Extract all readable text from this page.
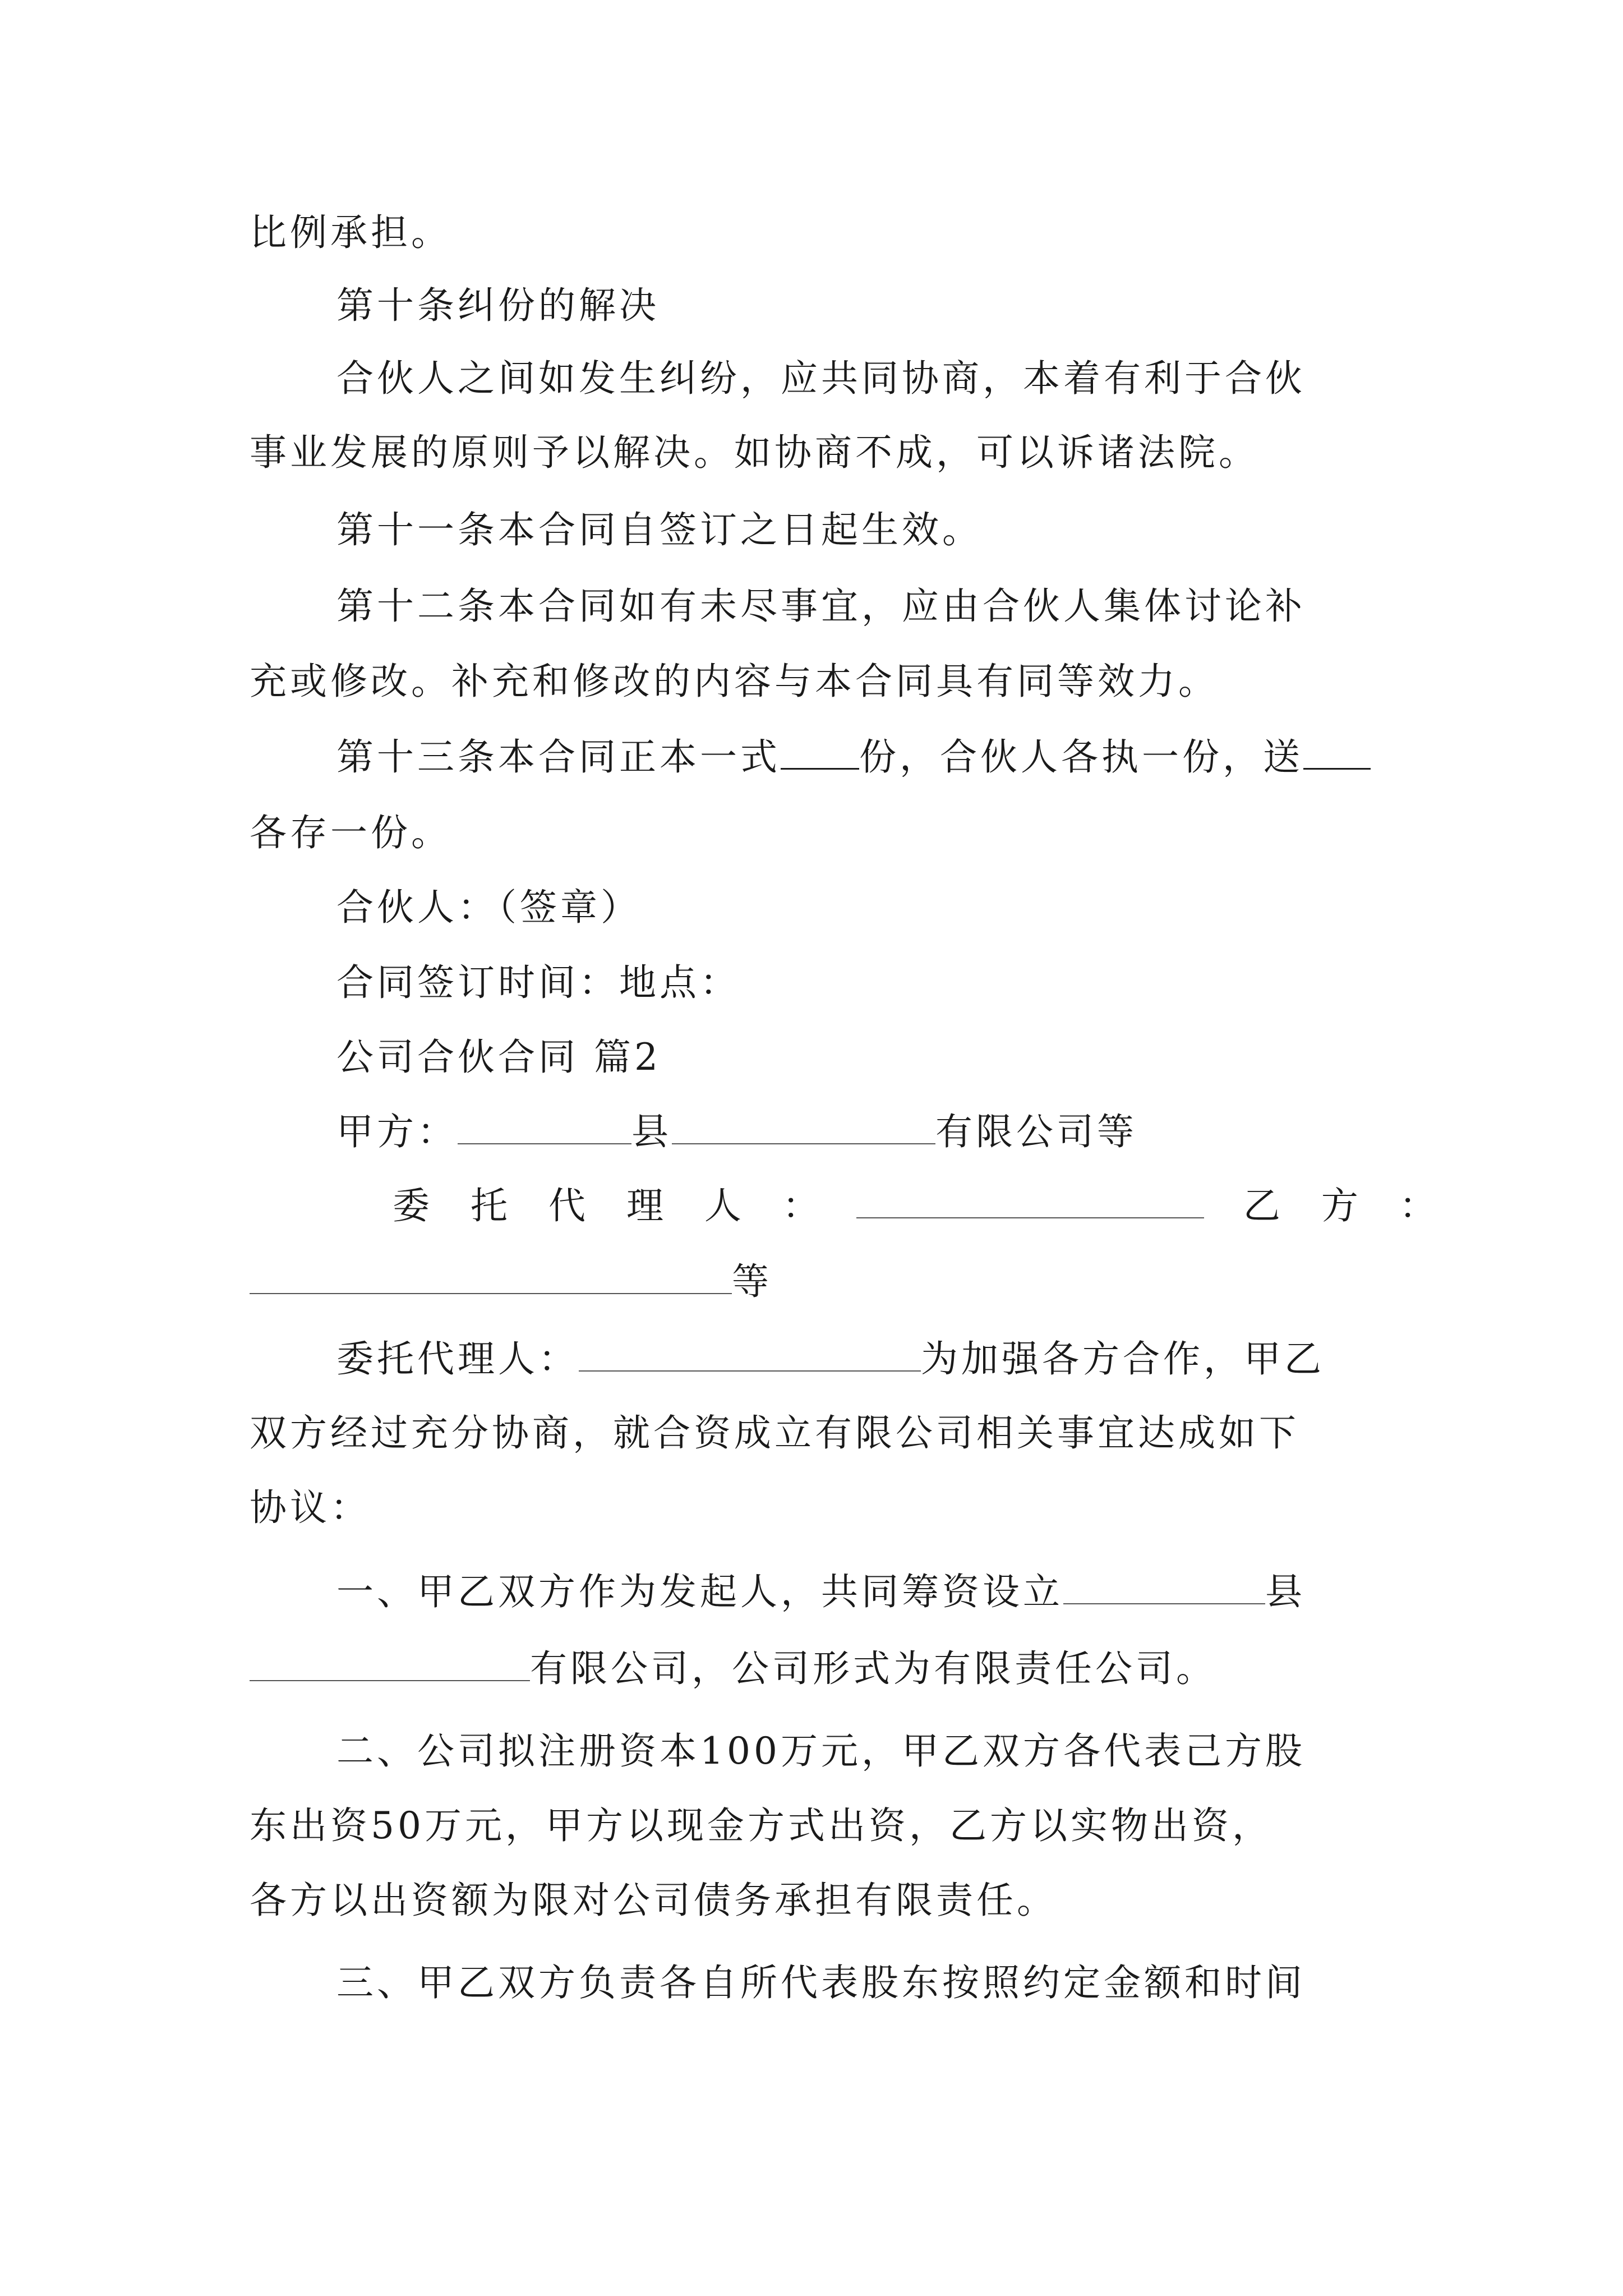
比例承担。
第十条纠份的解决
合伙人之间如发生纠纷，应共同协商，本着有利于合伙
事业发展的原则予以解决。如协商不成，可以诉诸法院。
第十一条本合同自签订之日起生效。
第十二条本合同如有未尽事宜，应由合伙人集体讨论补
充或修改。补充和修改的内容与本合同具有同等效力。
第十三条本合同正本一式 份，合伙人各执一份，送
各存一份。
合伙人：（签章）
合同签订时间：地点：
公司合伙合同 篇2
甲方：	县	有限公司等
委 托 代 理 人 ：	乙 方 ：
等
委托代理人：	为加强各方合作，甲乙
双方经过充分协商，就合资成立有限公司相关事宜达成如下
协议：
一、甲乙双方作为发起人，共同筹资设立	县
有限公司，公司形式为有限责任公司。
二、公司拟注册资本100万元，甲乙双方各代表己方股
东出资50万元，甲方以现金方式出资，乙方以实物出资，
各方以出资额为限对公司债务承担有限责任。
三、甲乙双方负责各自所代表股东按照约定金额和时间
